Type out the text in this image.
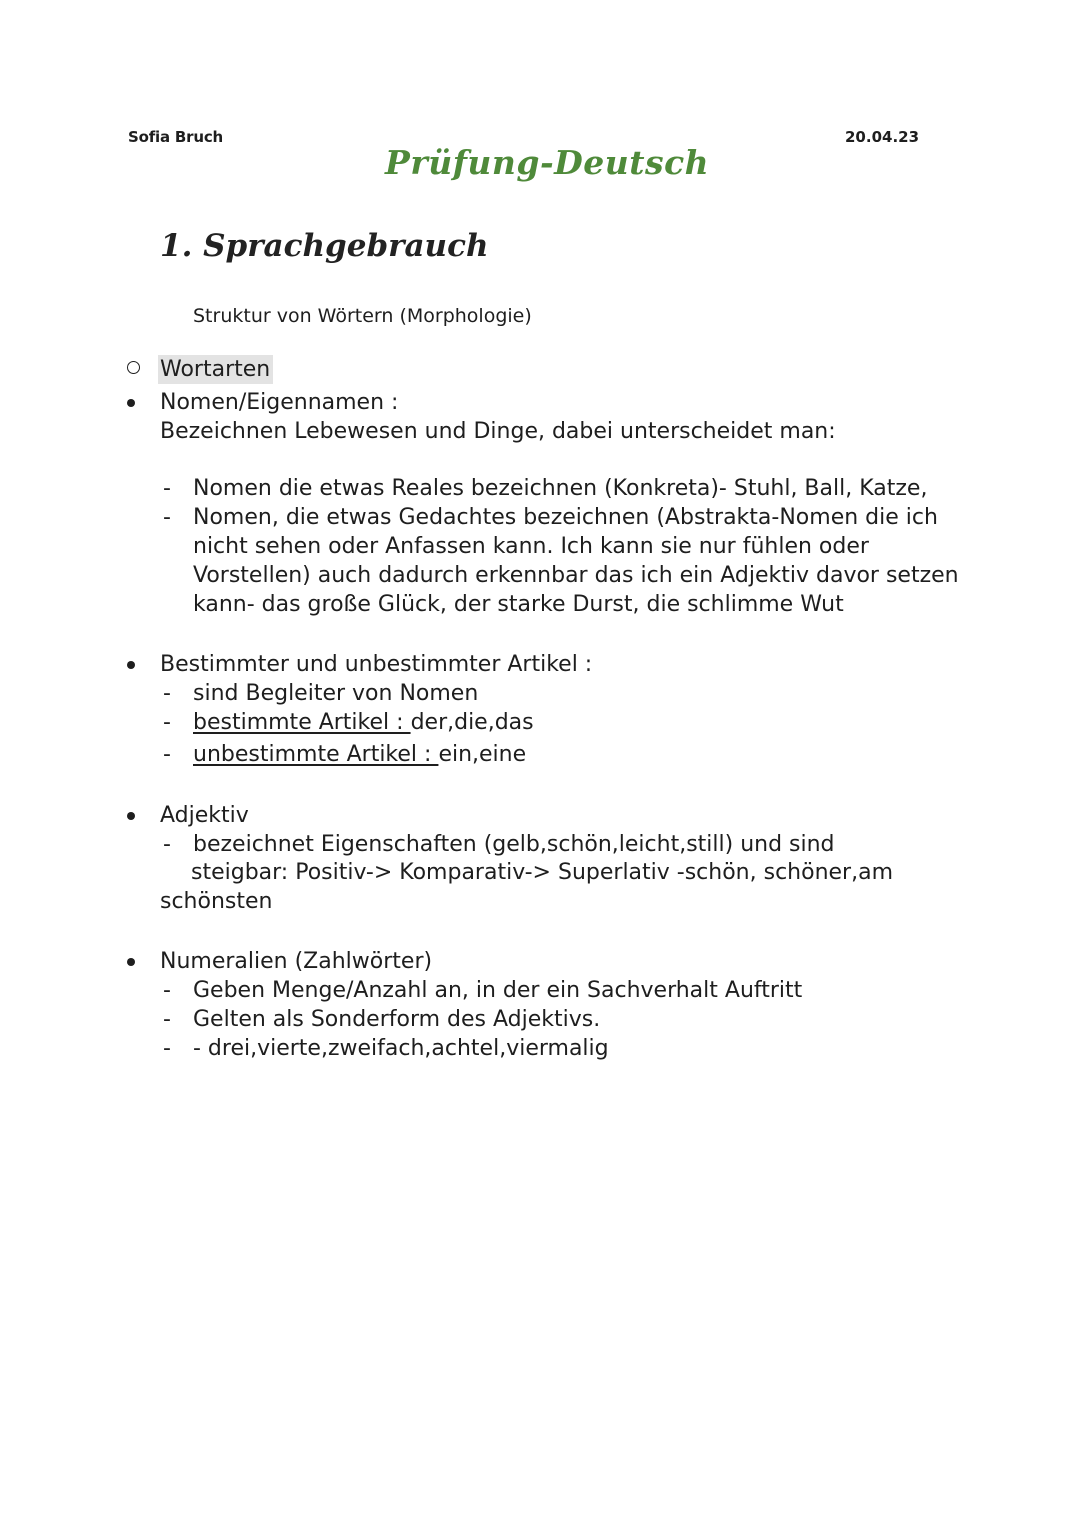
Sofia Bruch	20.04.23
Prüfung-Deutsch
1. Sprachgebrauch
Struktur von Wörtern (Morphologie)
Wortarten
Nomen/Eigennamen :
Bezeichnen Lebewesen und Dinge, dabei unterscheidet man:
- Nomen die etwas Reales bezeichnen (Konkreta)- Stuhl, Ball, Katze,
- Nomen, die etwas Gedachtes bezeichnen (Abstrakta-Nomen die ich
nicht sehen oder Anfassen kann. Ich kann sie nur fühlen oder
Vorstellen) auch dadurch erkennbar das ich ein Adjektiv davor setzen
kann- das große Glück, der starke Durst, die schlimme Wut
Bestimmter und unbestimmter Artikel :
- sind Begleiter von Nomen
- bestimmte Artikel : der,die,das
- unbestimmte Artikel : ein,eine
Adjektiv
- bezeichnet Eigenschaften (gelb,schön,leicht,still) und sind
steigbar: Positiv-> Komparativ-> Superlativ -schön, schöner,am
schönsten
Numeralien (Zahlwörter)
- Geben Menge/Anzahl an, in der ein Sachverhalt Auftritt
- Gelten als Sonderform des Adjektivs.
- - drei,vierte,zweifach,achtel,viermalig
